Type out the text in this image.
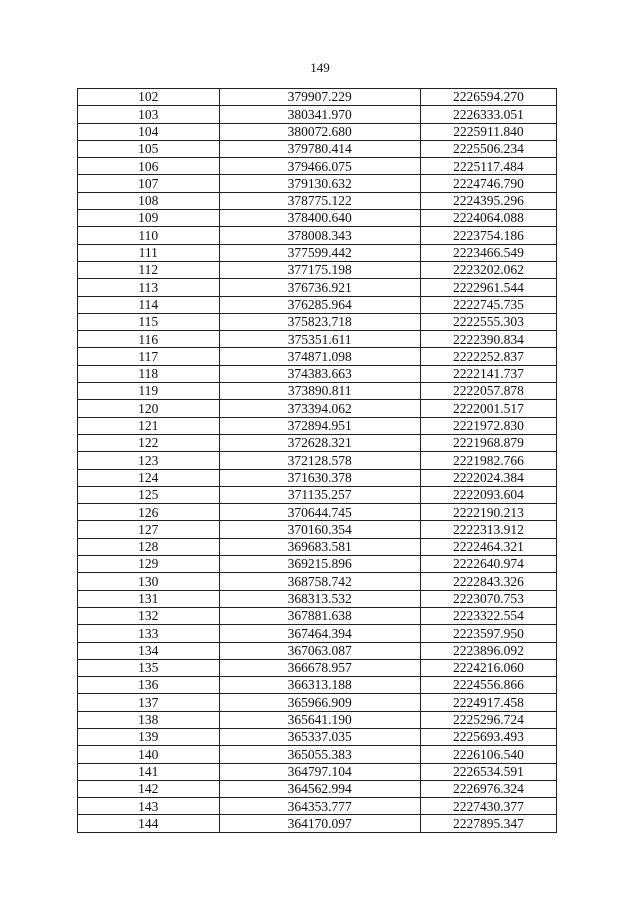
149
102	379907.229	2226594.270
103	380341.970	2226333.051
104	380072.680	2225911.840
105	379780.414	2225506.234
106	379466.075	2225117.484
107	379130.632	2224746.790
108	378775.122	2224395.296
109	378400.640	2224064.088
110	378008.343	2223754.186
111	377599.442	2223466.549
112	377175.198	2223202.062
113	376736.921	2222961.544
114	376285.964	2222745.735
115	375823.718	2222555.303
116	375351.611	2222390.834
117	374871.098	2222252.837
118	374383.663	2222141.737
119	373890.811	2222057.878
120	373394.062	2222001.517
121	372894.951	2221972.830
122	372628.321	2221968.879
123	372128.578	2221982.766
124	371630.378	2222024.384
125	371135.257	2222093.604
126	370644.745	2222190.213
127	370160.354	2222313.912
128	369683.581	2222464.321
129	369215.896	2222640.974
130	368758.742	2222843.326
131	368313.532	2223070.753
132	367881.638	2223322.554
133	367464.394	2223597.950
134	367063.087	2223896.092
135	366678.957	2224216.060
136	366313.188	2224556.866
137	365966.909	2224917.458
138	365641.190	2225296.724
139	365337.035	2225693.493
140	365055.383	2226106.540
141	364797.104	2226534.591
142	364562.994	2226976.324
143	364353.777	2227430.377
144	364170.097	2227895.347
